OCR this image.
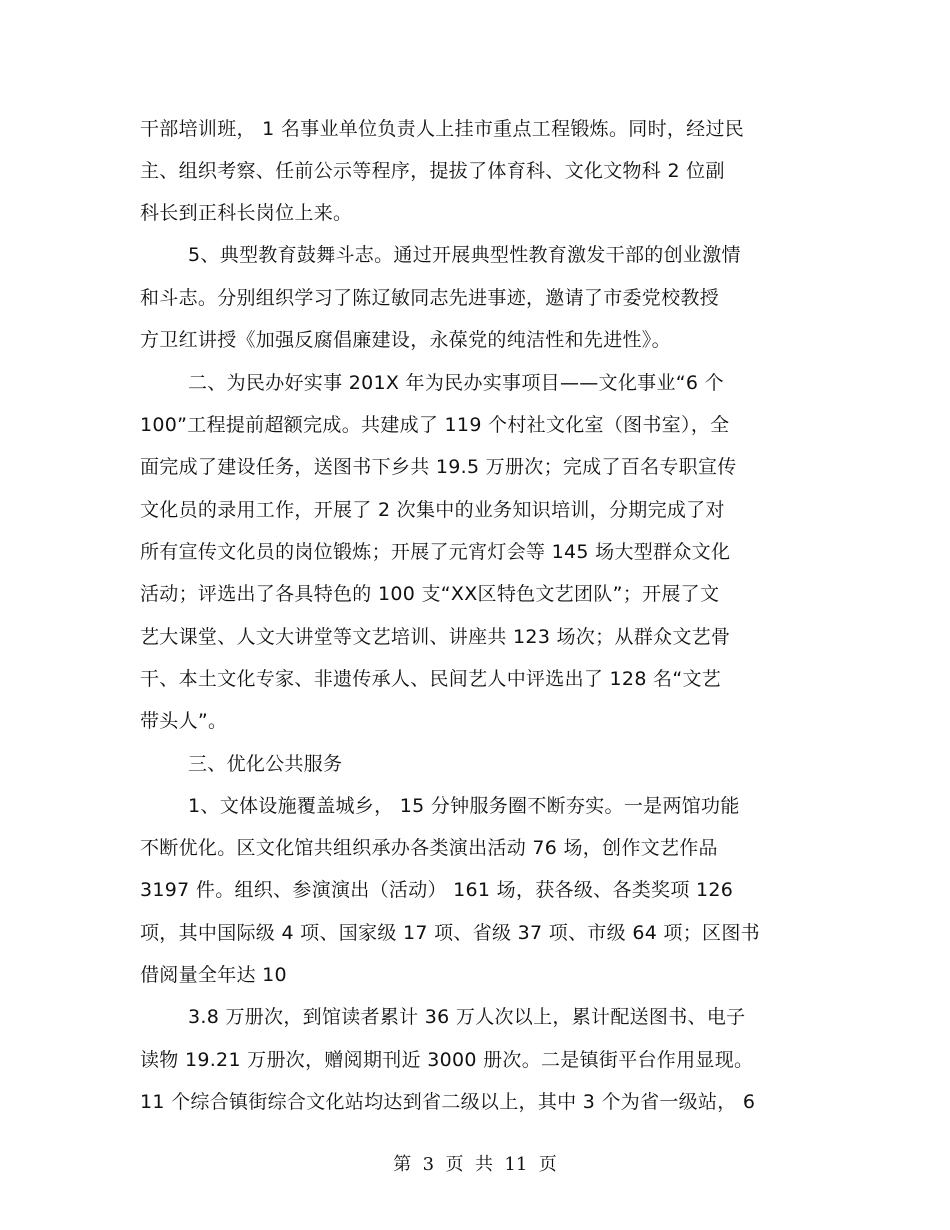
干部培训班， 1 名事业单位负责人上挂市重点工程锻炼。同时，经过民
主、组织考察、任前公示等程序，提拔了体育科、文化文物科 2 位副
科长到正科长岗位上来。
5、典型教育鼓舞斗志。通过开展典型性教育激发干部的创业激情
和斗志。分别组织学习了陈辽敏同志先进事迹，邀请了市委党校教授
方卫红讲授《加强反腐倡廉建设，永葆党的纯洁性和先进性》。
二、为民办好实事 201X 年为民办实事项目——文化事业“6 个
100”工程提前超额完成。共建成了 119 个村社文化室（图书室），全
面完成了建设任务，送图书下乡共 19.5 万册次；完成了百名专职宣传
文化员的录用工作，开展了 2 次集中的业务知识培训，分期完成了对
所有宣传文化员的岗位锻炼；开展了元宵灯会等 145 场大型群众文化
活动；评选出了各具特色的 100 支“XX区特色文艺团队”；开展了文
艺大课堂、人文大讲堂等文艺培训、讲座共 123 场次；从群众文艺骨
干、本土文化专家、非遗传承人、民间艺人中评选出了 128 名“文艺
带头人”。
三、优化公共服务
1、文体设施覆盖城乡， 15 分钟服务圈不断夯实。一是两馆功能
不断优化。区文化馆共组织承办各类演出活动 76 场，创作文艺作品
3197 件。组织、参演演出（活动） 161 场，获各级、各类奖项 126
项，其中国际级 4 项、国家级 17 项、省级 37 项、市级 64 项；区图书
借阅量全年达 10
3.8 万册次，到馆读者累计 36 万人次以上，累计配送图书、电子
读物 19.21 万册次，赠阅期刊近 3000 册次。二是镇街平台作用显现。
11 个综合镇街综合文化站均达到省二级以上，其中 3 个为省一级站， 6
第  3  页  共  11  页
